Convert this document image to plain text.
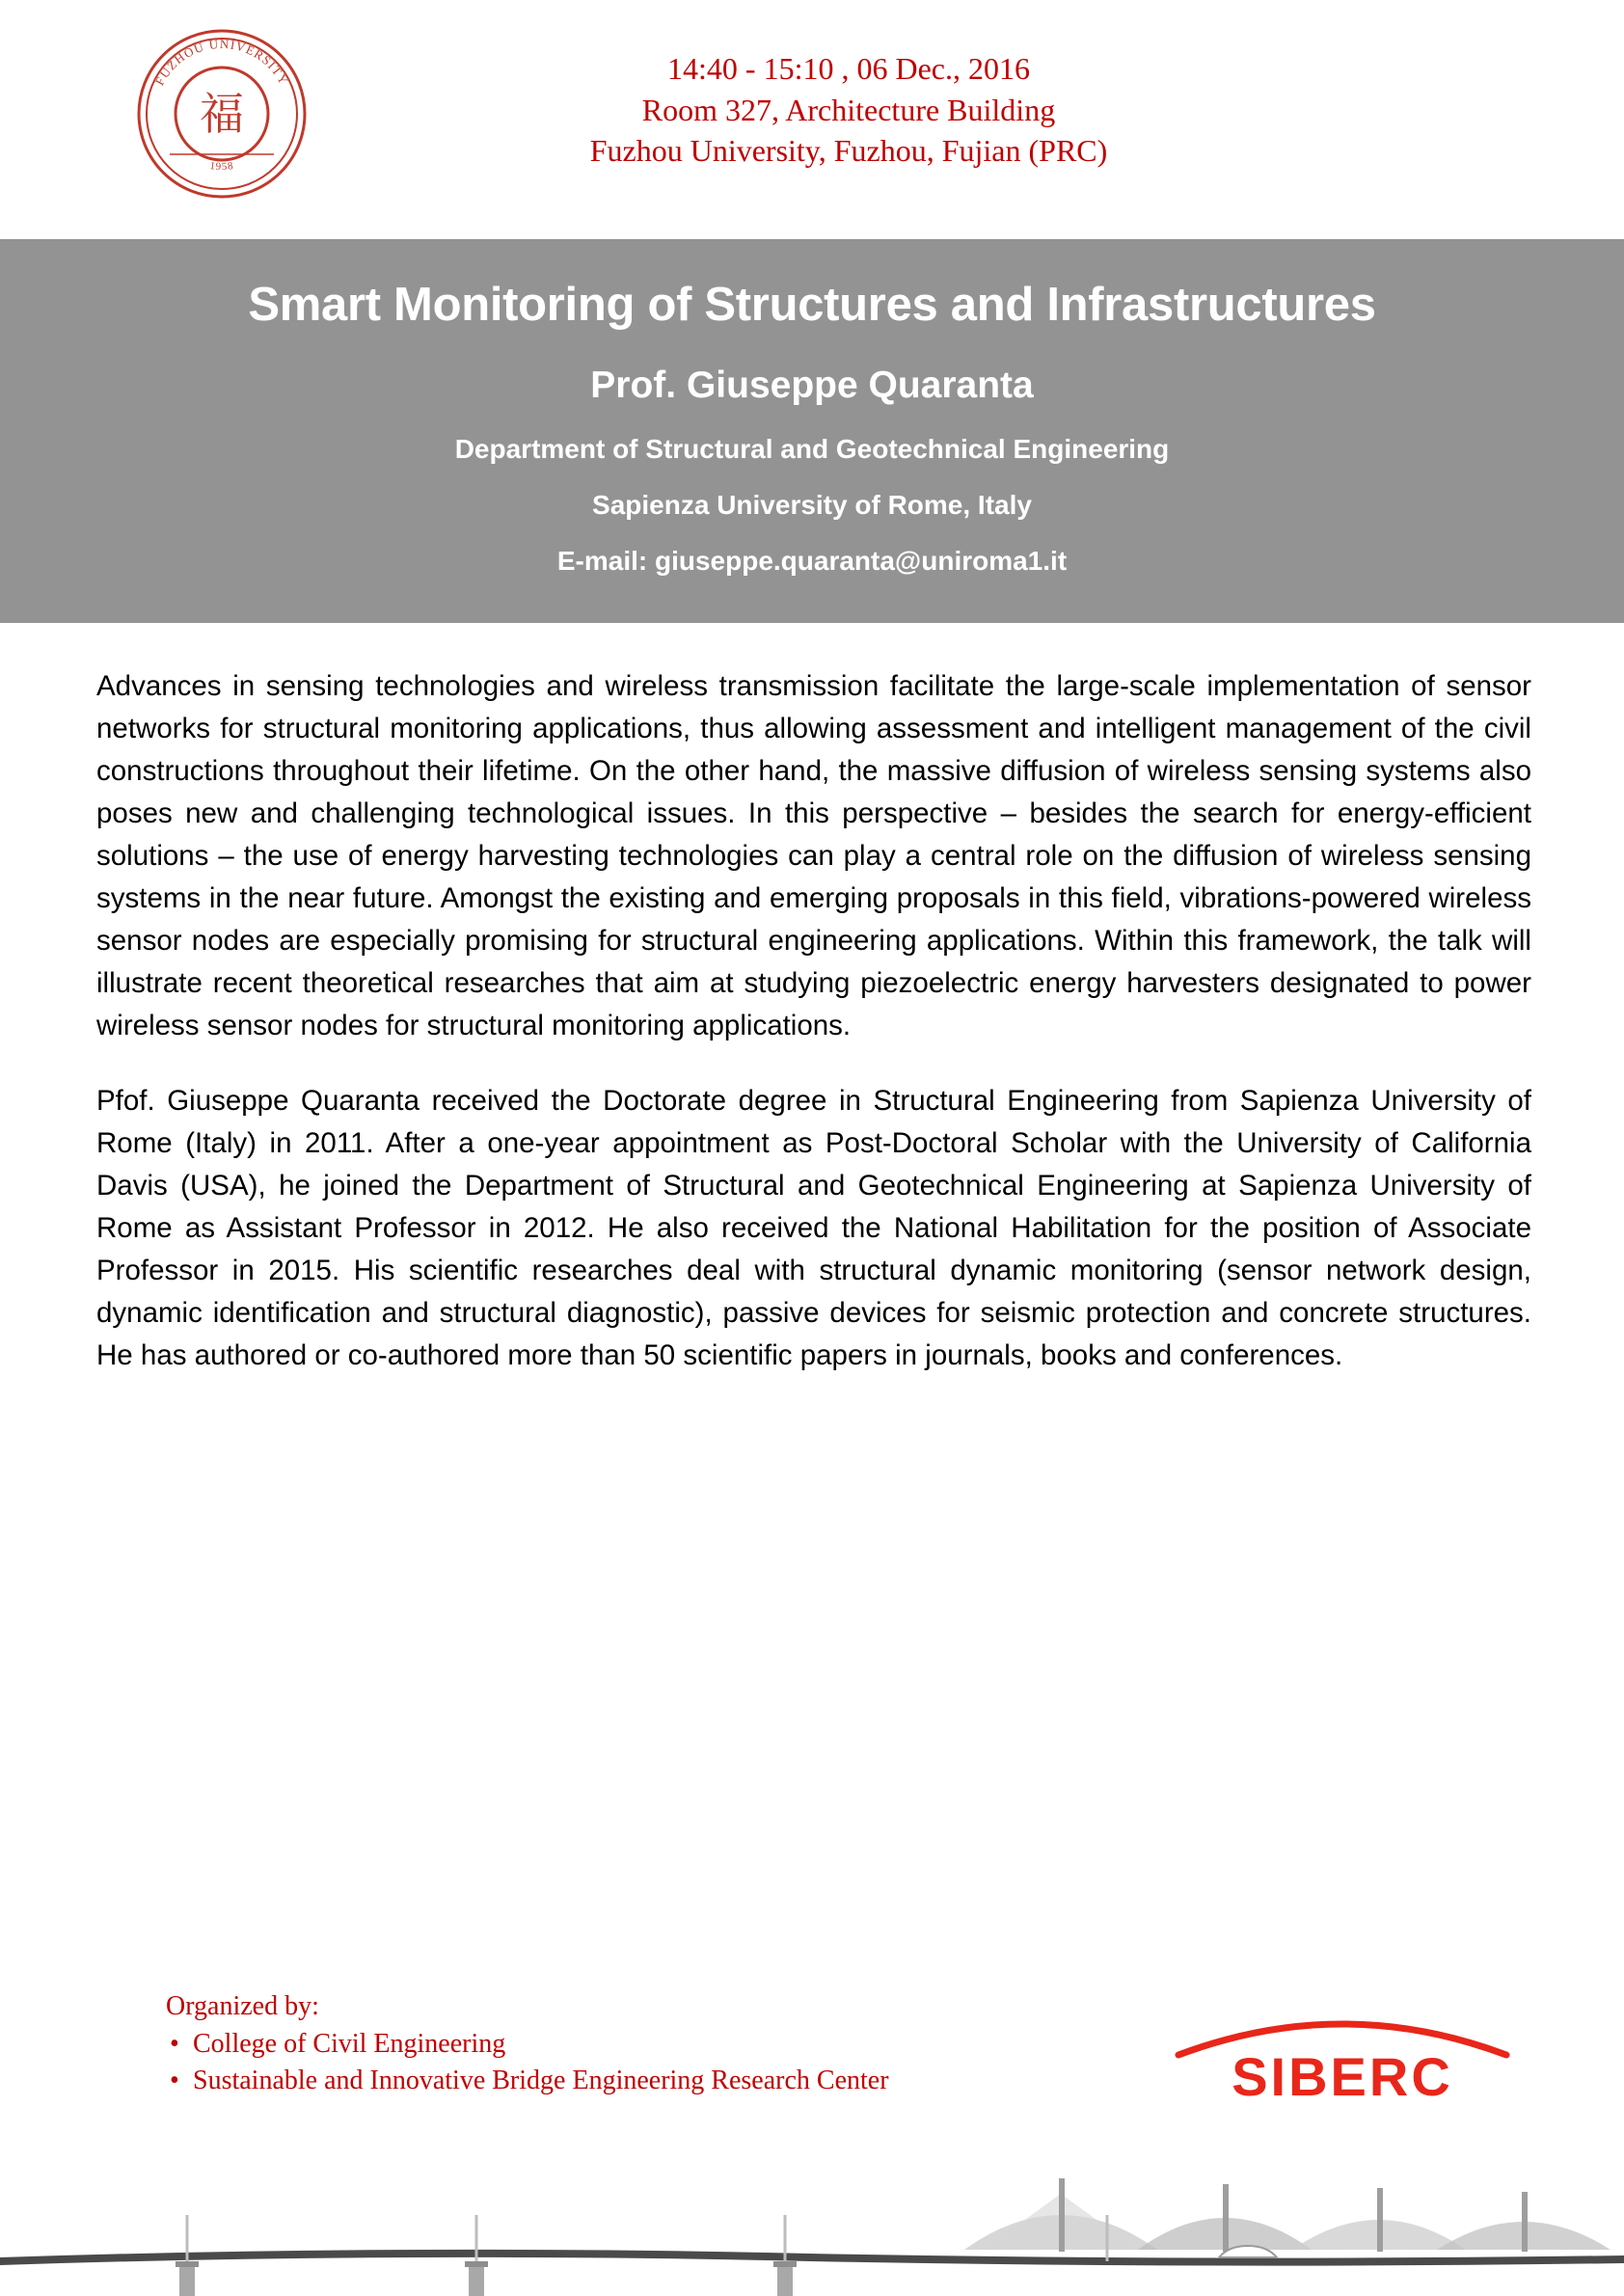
FUZHOU UNIVERSITY
1958
福
14:40 - 15:10 , 06 Dec., 2016
Room 327, Architecture Building
Fuzhou University, Fuzhou, Fujian (PRC)
Smart Monitoring of Structures and Infrastructures
Prof. Giuseppe Quaranta
Department of Structural and Geotechnical Engineering
Sapienza University of Rome, Italy
E-mail: giuseppe.quaranta@uniroma1.it

Advances in sensing technologies and wireless transmission facilitate the large-scale implementation of sensor networks for structural monitoring applications, thus allowing assessment and intelligent management of the civil constructions throughout their lifetime. On the other hand, the massive diffusion of wireless sensing systems also poses new and challenging technological issues. In this perspective – besides the search for energy-efficient solutions – the use of energy harvesting technologies can play a central role on the diffusion of wireless sensing systems in the near future. Amongst the existing and emerging proposals in this field, vibrations-powered wireless sensor nodes are especially promising for structural engineering applications. Within this framework, the talk will illustrate recent theoretical researches that aim at studying piezoelectric energy harvesters designated to power wireless sensor nodes for structural monitoring applications.

Pfof. Giuseppe Quaranta received the Doctorate degree in Structural Engineering from Sapienza University of Rome (Italy) in 2011. After a one-year appointment as Post-Doctoral Scholar with the University of California Davis (USA), he joined the Department of Structural and Geotechnical Engineering at Sapienza University of Rome as Assistant Professor in 2012. He also received the National Habilitation for the position of Associate Professor in 2015. His scientific researches deal with structural dynamic monitoring (sensor network design, dynamic identification and structural diagnostic), passive devices for seismic protection and concrete structures. He has authored or co-authored more than 50 scientific papers in journals, books and conferences.

Organized by:
• College of Civil Engineering
• Sustainable and Innovative Bridge Engineering Research Center	SIBERC
